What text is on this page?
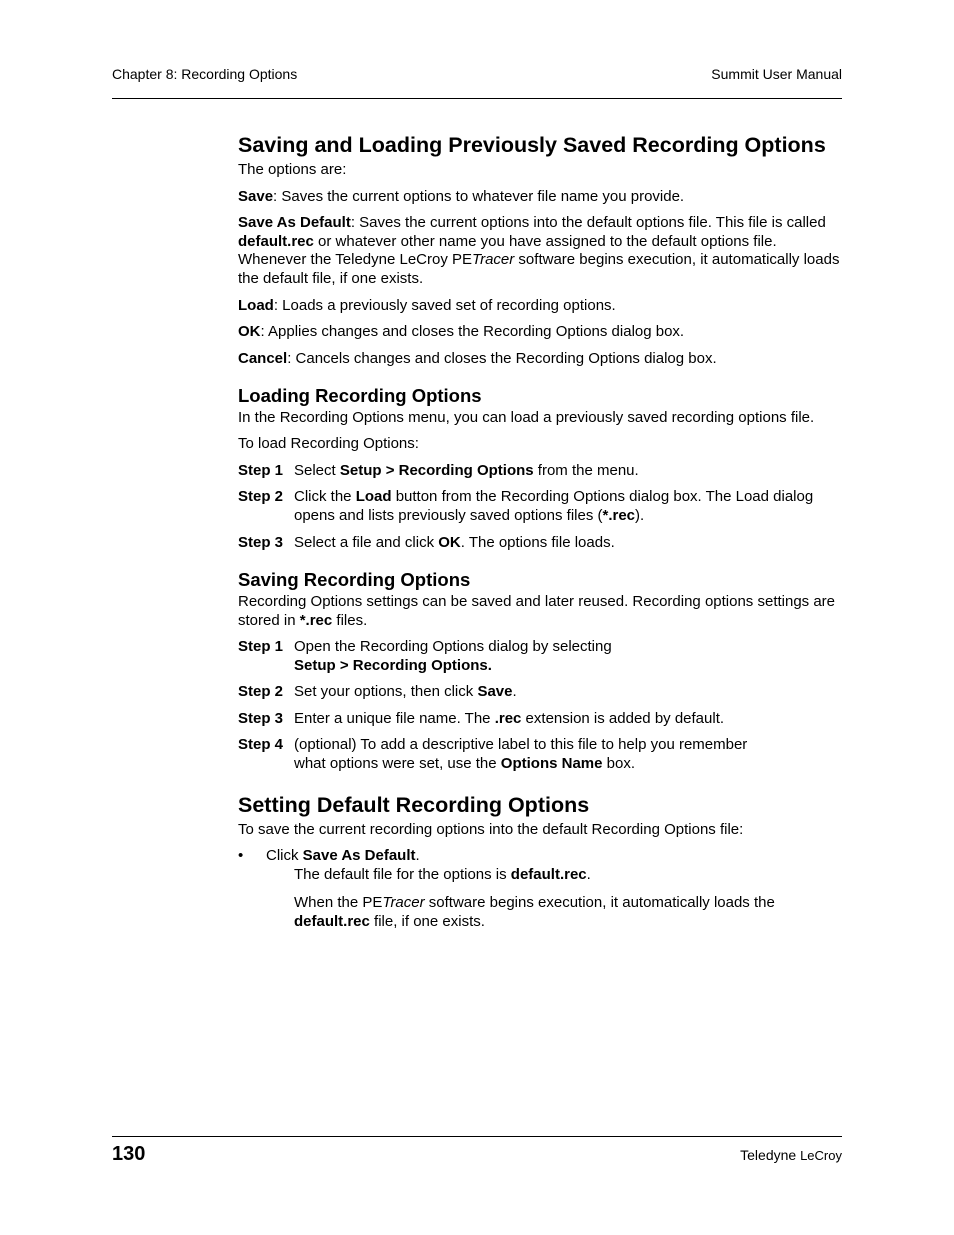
Chapter 8: Recording Options	Summit User Manual
Saving and Loading Previously Saved Recording Options
The options are:
Save: Saves the current options to whatever file name you provide.
Save As Default: Saves the current options into the default options file. This file is called default.rec or whatever other name you have assigned to the default options file. Whenever the Teledyne LeCroy PETracer software begins execution, it automatically loads the default file, if one exists.
Load: Loads a previously saved set of recording options.
OK: Applies changes and closes the Recording Options dialog box.
Cancel: Cancels changes and closes the Recording Options dialog box.
Loading Recording Options
In the Recording Options menu, you can load a previously saved recording options file.
To load Recording Options:
Step 1 Select Setup > Recording Options from the menu.
Step 2 Click the Load button from the Recording Options dialog box. The Load dialog opens and lists previously saved options files (*.rec).
Step 3 Select a file and click OK. The options file loads.
Saving Recording Options
Recording Options settings can be saved and later reused. Recording options settings are stored in *.rec files.
Step 1 Open the Recording Options dialog by selecting
Setup > Recording Options.
Step 2 Set your options, then click Save.
Step 3 Enter a unique file name. The .rec extension is added by default.
Step 4 (optional) To add a descriptive label to this file to help you remember what options were set, use the Options Name box.
Setting Default Recording Options
To save the current recording options into the default Recording Options file:
• Click Save As Default.
The default file for the options is default.rec.
When the PETracer software begins execution, it automatically loads the default.rec file, if one exists.
130	Teledyne LeCroy
